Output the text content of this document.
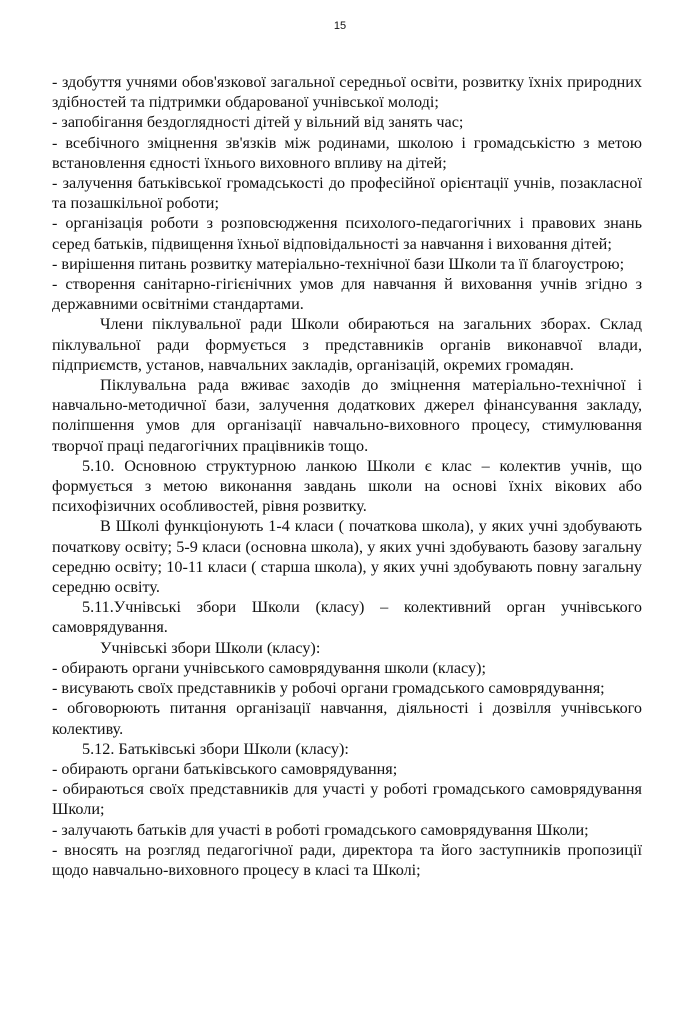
15

- здобуття учнями обов'язкової загальної середньої освіти, розвитку їхніх природних здібностей та підтримки обдарованої учнівської молоді;

- запобігання бездоглядності дітей у вільний від занять час;

- всебічного зміцнення зв'язків між родинами, школою і громадськістю з метою встановлення єдності їхнього виховного впливу на дітей;

- залучення батьківської громадськості до професійної орієнтації учнів, позакласної та позашкільної роботи;

- організація роботи з розповсюдження психолого-педагогічних і правових знань серед батьків, підвищення їхньої відповідальності за навчання і виховання дітей;

- вирішення питань розвитку матеріально-технічної бази Школи та її благоустрою;

- створення санітарно-гігієнічних умов для навчання й виховання учнів згідно з державними освітніми стандартами.

Члени піклувальної ради Школи обираються на загальних зборах. Склад піклувальної ради формується з представників органів виконавчої влади, підприємств, установ, навчальних закладів, організацій, окремих громадян.

Піклувальна рада вживає заходів до зміцнення матеріально-технічної і навчально-методичної бази, залучення додаткових джерел фінансування закладу, поліпшення умов для організації навчально-виховного процесу, стимулювання творчої праці педагогічних працівників тощо.

5.10. Основною структурною ланкою Школи є клас – колектив учнів, що формується з метою виконання завдань школи на основі їхніх вікових або психофізичних особливостей, рівня розвитку.

В Школі функціонують 1-4 класи ( початкова школа), у яких учні здобувають початкову освіту; 5-9 класи (основна школа), у яких учні здобувають базову загальну середню освіту; 10-11 класи ( старша школа), у яких учні здобувають повну загальну середню освіту.

5.11.Учнівські збори Школи (класу) – колективний орган учнівського самоврядування.

Учнівські збори Школи (класу):

- обирають органи учнівського самоврядування школи (класу);

- висувають своїх представників у робочі органи громадського самоврядування;

- обговорюють питання організації навчання, діяльності і дозвілля учнівського колективу.

5.12. Батьківські збори Школи (класу):

- обирають органи батьківського самоврядування;

- обираються своїх представників для участі у роботі громадського самоврядування Школи;

- залучають батьків для участі в роботі громадського самоврядування Школи;

- вносять на розгляд педагогічної ради, директора та його заступників пропозиції щодо навчально-виховного процесу в класі та Школі;
